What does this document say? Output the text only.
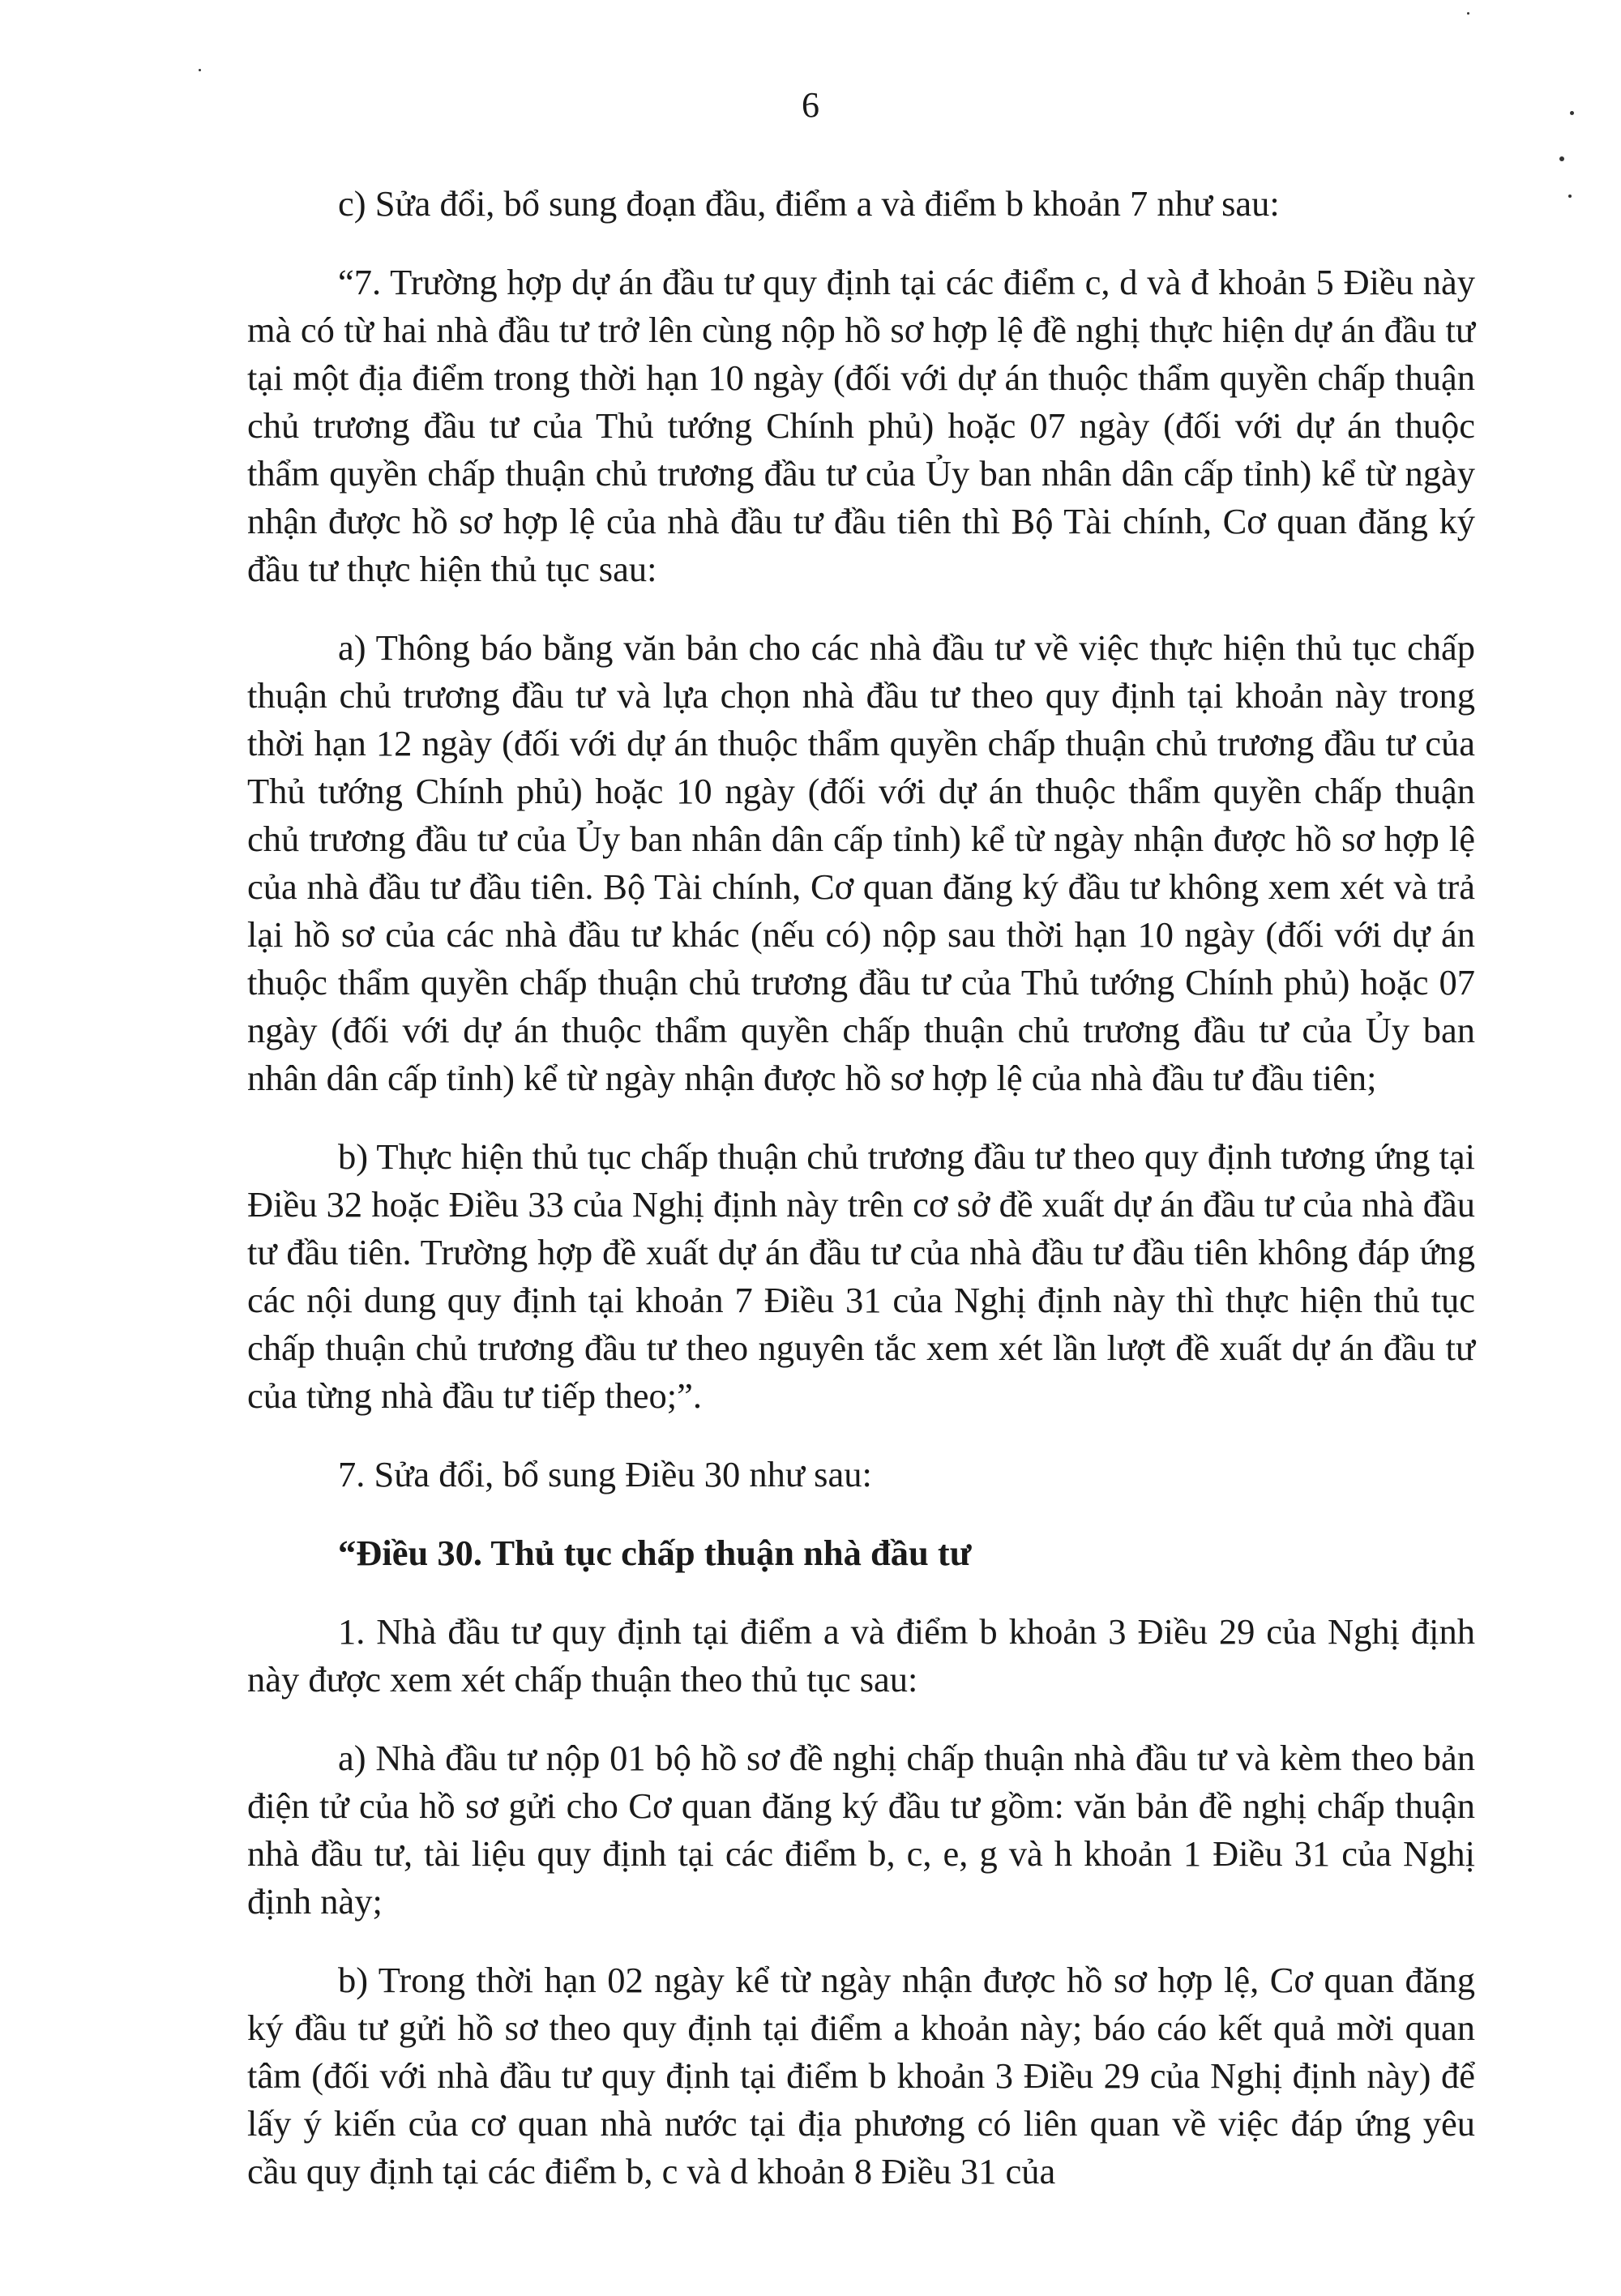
6

c) Sửa đổi, bổ sung đoạn đầu, điểm a và điểm b khoản 7 như sau:

“7. Trường hợp dự án đầu tư quy định tại các điểm c, d và đ khoản 5 Điều này mà có từ hai nhà đầu tư trở lên cùng nộp hồ sơ hợp lệ đề nghị thực hiện dự án đầu tư tại một địa điểm trong thời hạn 10 ngày (đối với dự án thuộc thẩm quyền chấp thuận chủ trương đầu tư của Thủ tướng Chính phủ) hoặc 07 ngày (đối với dự án thuộc thẩm quyền chấp thuận chủ trương đầu tư của Ủy ban nhân dân cấp tỉnh) kể từ ngày nhận được hồ sơ hợp lệ của nhà đầu tư đầu tiên thì Bộ Tài chính, Cơ quan đăng ký đầu tư thực hiện thủ tục sau:

a) Thông báo bằng văn bản cho các nhà đầu tư về việc thực hiện thủ tục chấp thuận chủ trương đầu tư và lựa chọn nhà đầu tư theo quy định tại khoản này trong thời hạn 12 ngày (đối với dự án thuộc thẩm quyền chấp thuận chủ trương đầu tư của Thủ tướng Chính phủ) hoặc 10 ngày (đối với dự án thuộc thẩm quyền chấp thuận chủ trương đầu tư của Ủy ban nhân dân cấp tỉnh) kể từ ngày nhận được hồ sơ hợp lệ của nhà đầu tư đầu tiên. Bộ Tài chính, Cơ quan đăng ký đầu tư không xem xét và trả lại hồ sơ của các nhà đầu tư khác (nếu có) nộp sau thời hạn 10 ngày (đối với dự án thuộc thẩm quyền chấp thuận chủ trương đầu tư của Thủ tướng Chính phủ) hoặc 07 ngày (đối với dự án thuộc thẩm quyền chấp thuận chủ trương đầu tư của Ủy ban nhân dân cấp tỉnh) kể từ ngày nhận được hồ sơ hợp lệ của nhà đầu tư đầu tiên;

b) Thực hiện thủ tục chấp thuận chủ trương đầu tư theo quy định tương ứng tại Điều 32 hoặc Điều 33 của Nghị định này trên cơ sở đề xuất dự án đầu tư của nhà đầu tư đầu tiên. Trường hợp đề xuất dự án đầu tư của nhà đầu tư đầu tiên không đáp ứng các nội dung quy định tại khoản 7 Điều 31 của Nghị định này thì thực hiện thủ tục chấp thuận chủ trương đầu tư theo nguyên tắc xem xét lần lượt đề xuất dự án đầu tư của từng nhà đầu tư tiếp theo;”.

7. Sửa đổi, bổ sung Điều 30 như sau:

“Điều 30. Thủ tục chấp thuận nhà đầu tư

1. Nhà đầu tư quy định tại điểm a và điểm b khoản 3 Điều 29 của Nghị định này được xem xét chấp thuận theo thủ tục sau:

a) Nhà đầu tư nộp 01 bộ hồ sơ đề nghị chấp thuận nhà đầu tư và kèm theo bản điện tử của hồ sơ gửi cho Cơ quan đăng ký đầu tư gồm: văn bản đề nghị chấp thuận nhà đầu tư, tài liệu quy định tại các điểm b, c, e, g và h khoản 1 Điều 31 của Nghị định này;

b) Trong thời hạn 02 ngày kể từ ngày nhận được hồ sơ hợp lệ, Cơ quan đăng ký đầu tư gửi hồ sơ theo quy định tại điểm a khoản này; báo cáo kết quả mời quan tâm (đối với nhà đầu tư quy định tại điểm b khoản 3 Điều 29 của Nghị định này) để lấy ý kiến của cơ quan nhà nước tại địa phương có liên quan về việc đáp ứng yêu cầu quy định tại các điểm b, c và d khoản 8 Điều 31 của
